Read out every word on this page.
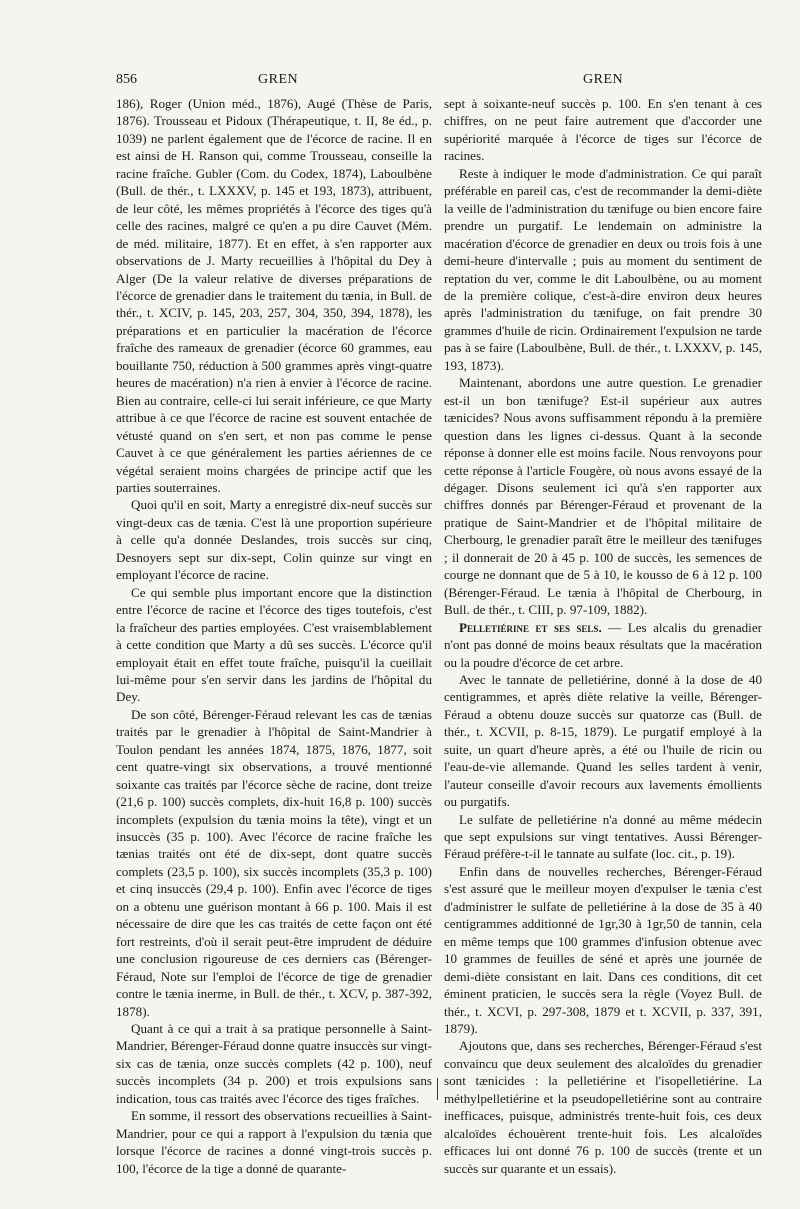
856	GREN	GREN

186), Roger (Union méd., 1876), Augé (Thèse de Paris, 1876). Trousseau et Pidoux (Thérapeutique, t. II, 8e éd., p. 1039) ne parlent également que de l'écorce de racine. Il en est ainsi de H. Ranson qui, comme Trousseau, conseille la racine fraîche. Gubler (Com. du Codex, 1874), Laboulbène (Bull. de thér., t. LXXXV, p. 145 et 193, 1873), attribuent, de leur côté, les mêmes propriétés à l'écorce des tiges qu'à celle des racines, malgré ce qu'en a pu dire Cauvet (Mém. de méd. militaire, 1877). Et en effet, à s'en rapporter aux observations de J. Marty recueillies à l'hôpital du Dey à Alger (De la valeur relative de diverses préparations de l'écorce de grenadier dans le traitement du tænia, in Bull. de thér., t. XCIV, p. 145, 203, 257, 304, 350, 394, 1878), les préparations et en particulier la macération de l'écorce fraîche des rameaux de grenadier (écorce 60 grammes, eau bouillante 750, réduction à 500 grammes après vingt-quatre heures de macération) n'a rien à envier à l'écorce de racine. Bien au contraire, celle-ci lui serait inférieure, ce que Marty attribue à ce que l'écorce de racine est souvent entachée de vétusté quand on s'en sert, et non pas comme le pense Cauvet à ce que généralement les parties aériennes de ce végétal seraient moins chargées de principe actif que les parties souterraines.

Quoi qu'il en soit, Marty a enregistré dix-neuf succès sur vingt-deux cas de tænia. C'est là une proportion supérieure à celle qu'a donnée Deslandes, trois succès sur cinq, Desnoyers sept sur dix-sept, Colin quinze sur vingt en employant l'écorce de racine.

Ce qui semble plus important encore que la distinction entre l'écorce de racine et l'écorce des tiges toutefois, c'est la fraîcheur des parties employées. C'est vraisemblablement à cette condition que Marty a dû ses succès. L'écorce qu'il employait était en effet toute fraîche, puisqu'il la cueillait lui-même pour s'en servir dans les jardins de l'hôpital du Dey.

De son côté, Bérenger-Féraud relevant les cas de tænias traités par le grenadier à l'hôpital de Saint-Mandrier à Toulon pendant les années 1874, 1875, 1876, 1877, soit cent quatre-vingt six observations, a trouvé mentionné soixante cas traités par l'écorce sèche de racine, dont treize (21,6 p. 100) succès complets, dix-huit 16,8 p. 100) succès incomplets (expulsion du tænia moins la tête), vingt et un insuccès (35 p. 100). Avec l'écorce de racine fraîche les tænias traités ont été de dix-sept, dont quatre succès complets (23,5 p. 100), six succès incomplets (35,3 p. 100) et cinq insuccès (29,4 p. 100). Enfin avec l'écorce de tiges on a obtenu une guérison montant à 66 p. 100. Mais il est nécessaire de dire que les cas traités de cette façon ont été fort restreints, d'où il serait peut-être imprudent de déduire une conclusion rigoureuse de ces derniers cas (Bérenger-Féraud, Note sur l'emploi de l'écorce de tige de grenadier contre le tænia inerme, in Bull. de thér., t. XCV, p. 387-392, 1878).

Quant à ce qui a trait à sa pratique personnelle à Saint-Mandrier, Bérenger-Féraud donne quatre insuccès sur vingt-six cas de tænia, onze succès complets (42 p. 100), neuf succès incomplets (34 p. 200) et trois expulsions sans indication, tous cas traités avec l'écorce des tiges fraîches.

En somme, il ressort des observations recueillies à Saint-Mandrier, pour ce qui a rapport à l'expulsion du tænia que lorsque l'écorce de racines a donné vingt-trois succès p. 100, l'écorce de la tige a donné de quarante-

sept à soixante-neuf succès p. 100. En s'en tenant à ces chiffres, on ne peut faire autrement que d'accorder une supériorité marquée à l'écorce de tiges sur l'écorce de racines.

Reste à indiquer le mode d'administration. Ce qui paraît préférable en pareil cas, c'est de recommander la demi-diète la veille de l'administration du tænifuge ou bien encore faire prendre un purgatif. Le lendemain on administre la macération d'écorce de grenadier en deux ou trois fois à une demi-heure d'intervalle ; puis au moment du sentiment de reptation du ver, comme le dit Laboulbène, ou au moment de la première colique, c'est-à-dire environ deux heures après l'administration du tænifuge, on fait prendre 30 grammes d'huile de ricin. Ordinairement l'expulsion ne tarde pas à se faire (Laboulbène, Bull. de thér., t. LXXXV, p. 145, 193, 1873).

Maintenant, abordons une autre question. Le grenadier est-il un bon tænifuge? Est-il supérieur aux autres tænicides? Nous avons suffisamment répondu à la première question dans les lignes ci-dessus. Quant à la seconde réponse à donner elle est moins facile. Nous renvoyons pour cette réponse à l'article Fougère, où nous avons essayé de la dégager. Disons seulement ici qu'à s'en rapporter aux chiffres donnés par Bérenger-Féraud et provenant de la pratique de Saint-Mandrier et de l'hôpital militaire de Cherbourg, le grenadier paraît être le meilleur des tænifuges ; il donnerait de 20 à 45 p. 100 de succès, les semences de courge ne donnant que de 5 à 10, le kousso de 6 à 12 p. 100 (Bérenger-Féraud. Le tænia à l'hôpital de Cherbourg, in Bull. de thér., t. CIII, p. 97-109, 1882).

Pelletiérine et ses sels. — Les alcalis du grenadier n'ont pas donné de moins beaux résultats que la macération ou la poudre d'écorce de cet arbre.

Avec le tannate de pelletiérine, donné à la dose de 40 centigrammes, et après diète relative la veille, Bérenger-Féraud a obtenu douze succès sur quatorze cas (Bull. de thér., t. XCVII, p. 8-15, 1879). Le purgatif employé à la suite, un quart d'heure après, a été ou l'huile de ricin ou l'eau-de-vie allemande. Quand les selles tardent à venir, l'auteur conseille d'avoir recours aux lavements émollients ou purgatifs.

Le sulfate de pelletiérine n'a donné au même médecin que sept expulsions sur vingt tentatives. Aussi Bérenger-Féraud préfère-t-il le tannate au sulfate (loc. cit., p. 19).

Enfin dans de nouvelles recherches, Bérenger-Féraud s'est assuré que le meilleur moyen d'expulser le tænia c'est d'administrer le sulfate de pelletiérine à la dose de 35 à 40 centigrammes additionné de 1gr,30 à 1gr,50 de tannin, cela en même temps que 100 grammes d'infusion obtenue avec 10 grammes de feuilles de séné et après une journée de demi-diète consistant en lait. Dans ces conditions, dit cet éminent praticien, le succès sera la règle (Voyez Bull. de thér., t. XCVI, p. 297-308, 1879 et t. XCVII, p. 337, 391, 1879).

Ajoutons que, dans ses recherches, Bérenger-Féraud s'est convaincu que deux seulement des alcaloïdes du grenadier sont tænicides : la pelletiérine et l'isopelletiérine. La méthylpelletiérine et la pseudopelletiérine sont au contraire inefficaces, puisque, administrés trente-huit fois, ces deux alcaloïdes échouèrent trente-huit fois. Les alcaloïdes efficaces lui ont donné 76 p. 100 de succès (trente et un succès sur quarante et un essais).
